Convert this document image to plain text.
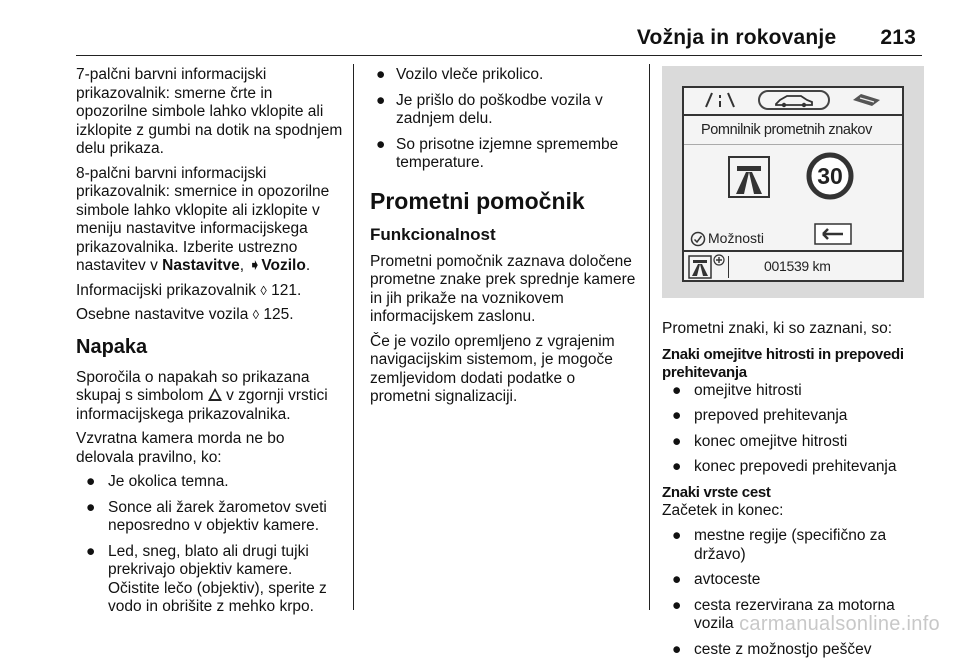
Vožnja in rokovanje 213

7-palčni barvni informacijski prikazovalnik: smerne črte in opozorilne simbole lahko vklopite ali izklopite z gumbi na dotik na spodnjem delu prikaza.

8-palčni barvni informacijski prikazovalnik: smernice in opozorilne simbole lahko vklopite ali izklopite v meniju nastavitve informacijskega prikazovalnika. Izberite ustrezno nastavitev v Nastavitve, ➧Vozilo.

Informacijski prikazovalnik ◊ 121.

Osebne nastavitve vozila ◊ 125.

Napaka

Sporočila o napakah so prikazana skupaj s simbolom  v zgornji vrstici informacijskega prikazovalnika.

Vzvratna kamera morda ne bo delovala pravilno, ko:

● Je okolica temna.
● Sonce ali žarek žarometov sveti neposredno v objektiv kamere.
● Led, sneg, blato ali drugi tujki prekrivajo objektiv kamere. Očistite lečo (objektiv), sperite z vodo in obrišite z mehko krpo.
● Vozilo vleče prikolico.
● Je prišlo do poškodbe vozila v zadnjem delu.
● So prisotne izjemne spremembe temperature.
Prometni pomočnik
Funkcionalnost

Prometni pomočnik zaznava določene prometne znake prek sprednje kamere in jih prikaže na voznikovem informacijskem zaslonu.

Če je vozilo opremljeno z vgrajenim navigacijskim sistemom, je mogoče zemljevidom dodati podatke o prometni signalizaciji.

Pomnilnik prometnih znakov
30
Možnosti
001539 km

Prometni znaki, ki so zaznani, so:

Znaki omejitve hitrosti in prepovedi prehitevanja
● omejitve hitrosti
● prepoved prehitevanja
● konec omejitve hitrosti
● konec prepovedi prehitevanja
Znaki vrste cest

Začetek in konec:

● mestne regije (specifično za državo)
● avtoceste
● cesta rezervirana za motorna vozila
● ceste z možnostjo peščev
carmanualsonline.info
